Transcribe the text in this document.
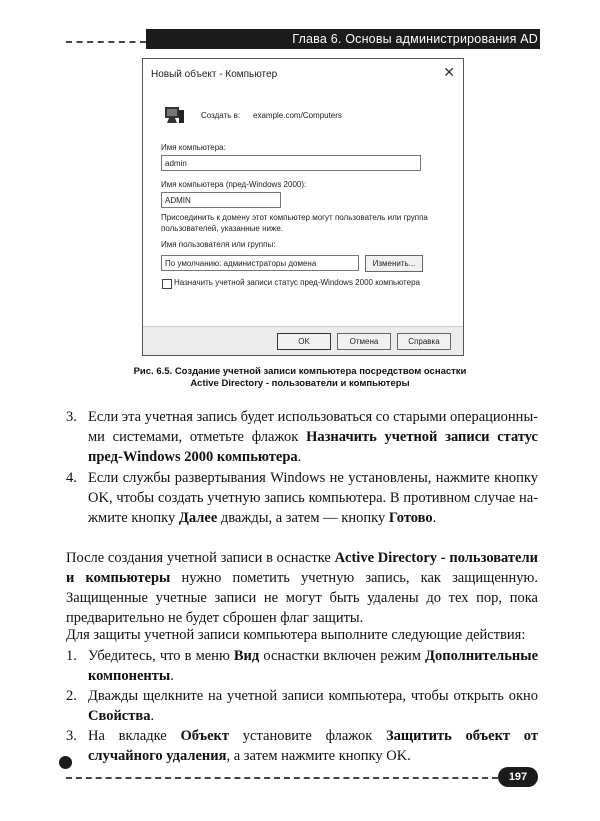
Глава 6. Основы администрирования AD
Новый объект - Компьютер	✕
Создать в: example.com/Computers
Имя компьютера:
admin
Имя компьютера (пред-Windows 2000):
ADMIN
Присоединить к домену этот компьютер могут пользователь или группа пользователей, указанные ниже.
Имя пользователя или группы:
По умолчанию: администраторы домена	Изменить...
Назначить учетной записи статус пред-Windows 2000 компьютера
OK	Отмена	Справка
Рис. 6.5. Создание учетной записи компьютера посредством оснастки
Active Directory - пользователи и компьютеры
3. Если эта учетная запись будет использоваться со старыми операционны-ми системами, отметьте флажок Назначить учетной записи статус пред-Windows 2000 компьютера.
4. Если службы развертывания Windows не установлены, нажмите кнопку OK, чтобы создать учетную запись компьютера. В противном случае на-жмите кнопку Далее дважды, а затем — кнопку Готово.
После создания учетной записи в оснастке Active Directory - пользователи и компьютеры нужно пометить учетную запись, как защищенную. Защищенные учетные записи не могут быть удалены до тех пор, пока предварительно не будет сброшен флаг защиты.
Для защиты учетной записи компьютера выполните следующие действия:
1. Убедитесь, что в меню Вид оснастки включен режим Дополнительные компоненты.
2. Дважды щелкните на учетной записи компьютера, чтобы открыть окно Свойства.
3. На вкладке Объект установите флажок Защитить объект от случайного удаления, а затем нажмите кнопку OK.
197
